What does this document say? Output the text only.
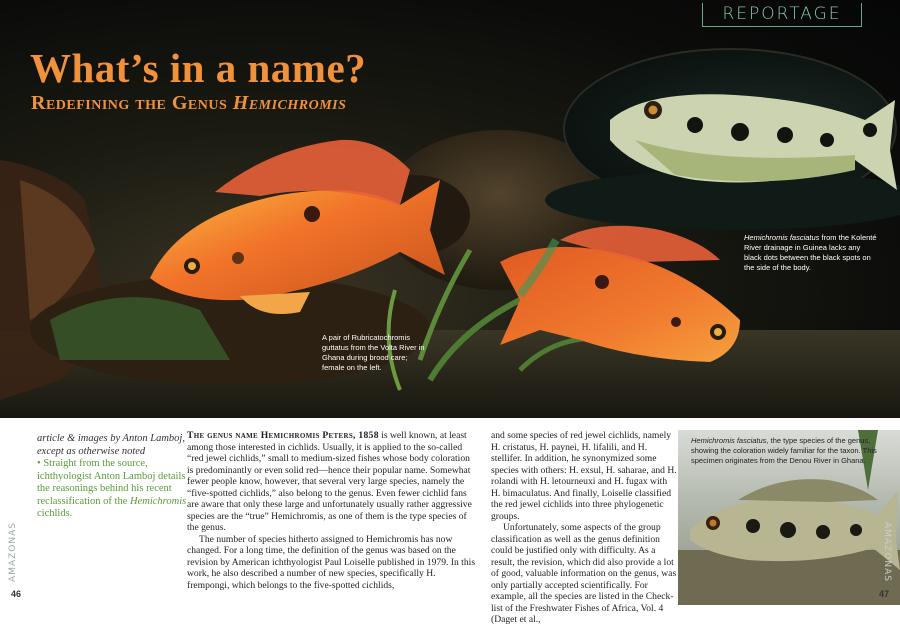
REPORTAGE
What’s in a name?
Redefining the Genus Hemichromis
Hemichromis fasciatus from the Kolenté River drainage in Guinea lacks any black dots between the black spots on the side of the body.
A pair of Rubricatochromis guttatus from the Volta River in Ghana during brood care; female on the left.
article & images by Anton Lamboj, except as otherwise noted
• Straight from the source, ichthyologist Anton Lamboj details the reasonings behind his recent reclassification of the Hemichromis cichlids.

The genus name Hemichromis Peters, 1858 is well known, at least among those interested in cichlids. Usually, it is applied to the so-called “red jewel cichlids,” small to medium-sized fishes whose body coloration is predominantly or even solid red—hence their popular name. Somewhat fewer people know, however, that several very large species, namely the “five-spotted cichlids,” also belong to the genus. Even fewer cichlid fans are aware that only these large and unfortunately usually rather aggressive species are the “true” Hemichromis, as one of them is the type species of the genus.

The number of species hitherto assigned to Hemichromis has now changed. For a long time, the definition of the genus was based on the revision by American ichthyologist Paul Loiselle published in 1979. In this work, he also described a number of new species, specifically H. frempongi, which belongs to the five-spotted cichlids,

and some species of red jewel cichlids, namely H. cristatus, H. paynei, H. lifalili, and H. stellifer. In addition, he synonymized some species with others: H. exsul, H. saharae, and H. rolandi with H. letourneuxi and H. fugax with H. bimaculatus. And finally, Loiselle classified the red jewel cichlids into three phylogenetic groups.

Unfortunately, some aspects of the group classification as well as the genus definition could be justified only with difficulty. As a result, the revision, which did also provide a lot of good, valuable information on the genus, was only partially accepted scientifically. For example, all the species are listed in the Check-list of the Freshwater Fishes of Africa, Vol. 4 (Daget et al.,

Hemichromis fasciatus, the type species of the genus, showing the coloration widely familiar for the taxon. This specimen originates from the Denou River in Ghana.
AMAZONAS	AMAZONAS
46	47
